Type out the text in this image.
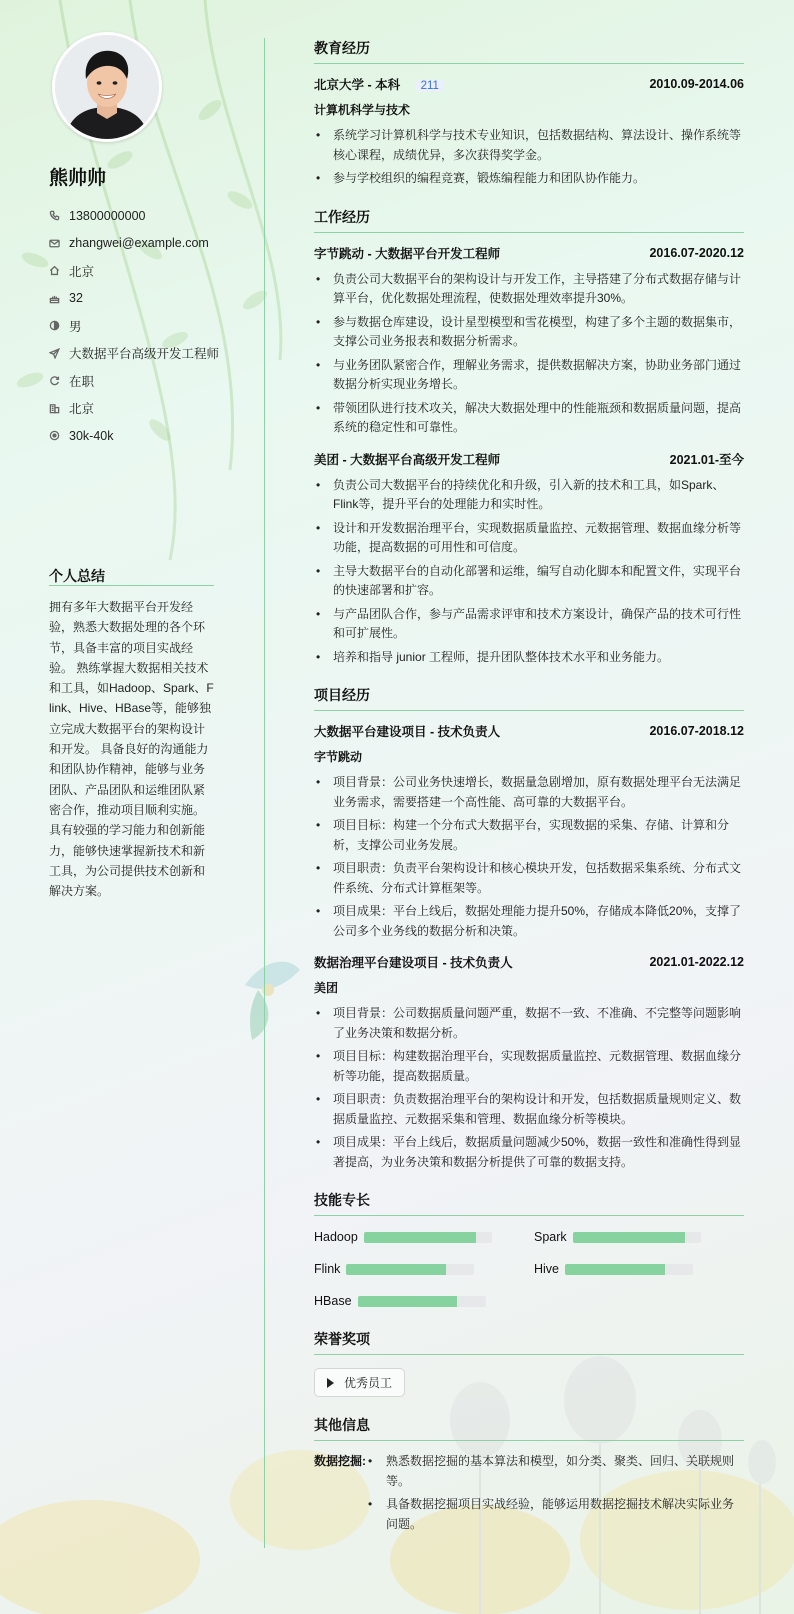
熊帅帅
13800000000
zhangwei@example.com
北京
32
男
大数据平台高级开发工程师
在职
北京
30k-40k
个人总结
拥有多年大数据平台开发经验，熟悉大数据处理的各个环节，具备丰富的项目实战经验。 熟练掌握大数据相关技术和工具，如Hadoop、Spark、Flink、Hive、HBase等，能够独立完成大数据平台的架构设计和开发。 具备良好的沟通能力和团队协作精神，能够与业务团队、产品团队和运维团队紧密合作，推动项目顺利实施。 具有较强的学习能力和创新能力，能够快速掌握新技术和新工具，为公司提供技术创新和解决方案。
教育经历
北京大学 - 本科 211	2010.09-2014.06
计算机科学与技术
• 系统学习计算机科学与技术专业知识，包括数据结构、算法设计、操作系统等核心课程，成绩优异，多次获得奖学金。
• 参与学校组织的编程竞赛，锻炼编程能力和团队协作能力。
工作经历
字节跳动 - 大数据平台开发工程师	2016.07-2020.12
• 负责公司大数据平台的架构设计与开发工作，主导搭建了分布式数据存储与计算平台，优化数据处理流程，使数据处理效率提升30%。
• 参与数据仓库建设，设计星型模型和雪花模型，构建了多个主题的数据集市，支撑公司业务报表和数据分析需求。
• 与业务团队紧密合作，理解业务需求，提供数据解决方案，协助业务部门通过数据分析实现业务增长。
• 带领团队进行技术攻关，解决大数据处理中的性能瓶颈和数据质量问题，提高系统的稳定性和可靠性。
美团 - 大数据平台高级开发工程师	2021.01-至今
• 负责公司大数据平台的持续优化和升级，引入新的技术和工具，如Spark、Flink等，提升平台的处理能力和实时性。
• 设计和开发数据治理平台，实现数据质量监控、元数据管理、数据血缘分析等功能，提高数据的可用性和可信度。
• 主导大数据平台的自动化部署和运维，编写自动化脚本和配置文件，实现平台的快速部署和扩容。
• 与产品团队合作，参与产品需求评审和技术方案设计，确保产品的技术可行性和可扩展性。
• 培养和指导 junior 工程师，提升团队整体技术水平和业务能力。
项目经历
大数据平台建设项目 - 技术负责人	2016.07-2018.12
字节跳动
• 项目背景：公司业务快速增长，数据量急剧增加，原有数据处理平台无法满足业务需求，需要搭建一个高性能、高可靠的大数据平台。
• 项目目标：构建一个分布式大数据平台，实现数据的采集、存储、计算和分析，支撑公司业务发展。
• 项目职责：负责平台架构设计和核心模块开发，包括数据采集系统、分布式文件系统、分布式计算框架等。
• 项目成果：平台上线后，数据处理能力提升50%，存储成本降低20%，支撑了公司多个业务线的数据分析和决策。
数据治理平台建设项目 - 技术负责人	2021.01-2022.12
美团
• 项目背景：公司数据质量问题严重，数据不一致、不准确、不完整等问题影响了业务决策和数据分析。
• 项目目标：构建数据治理平台，实现数据质量监控、元数据管理、数据血缘分析等功能，提高数据质量。
• 项目职责：负责数据治理平台的架构设计和开发，包括数据质量规则定义、数据质量监控、元数据采集和管理、数据血缘分析等模块。
• 项目成果：平台上线后，数据质量问题减少50%，数据一致性和准确性得到显著提高，为业务决策和数据分析提供了可靠的数据支持。
技能专长
Hadoop	Spark
Flink	Hive
HBase
荣誉奖项
优秀员工
其他信息
数据挖掘:
•	熟悉数据挖掘的基本算法和模型，如分类、聚类、回归、关联规则等。
• 具备数据挖掘项目实战经验，能够运用数据挖掘技术解决实际业务问题。
